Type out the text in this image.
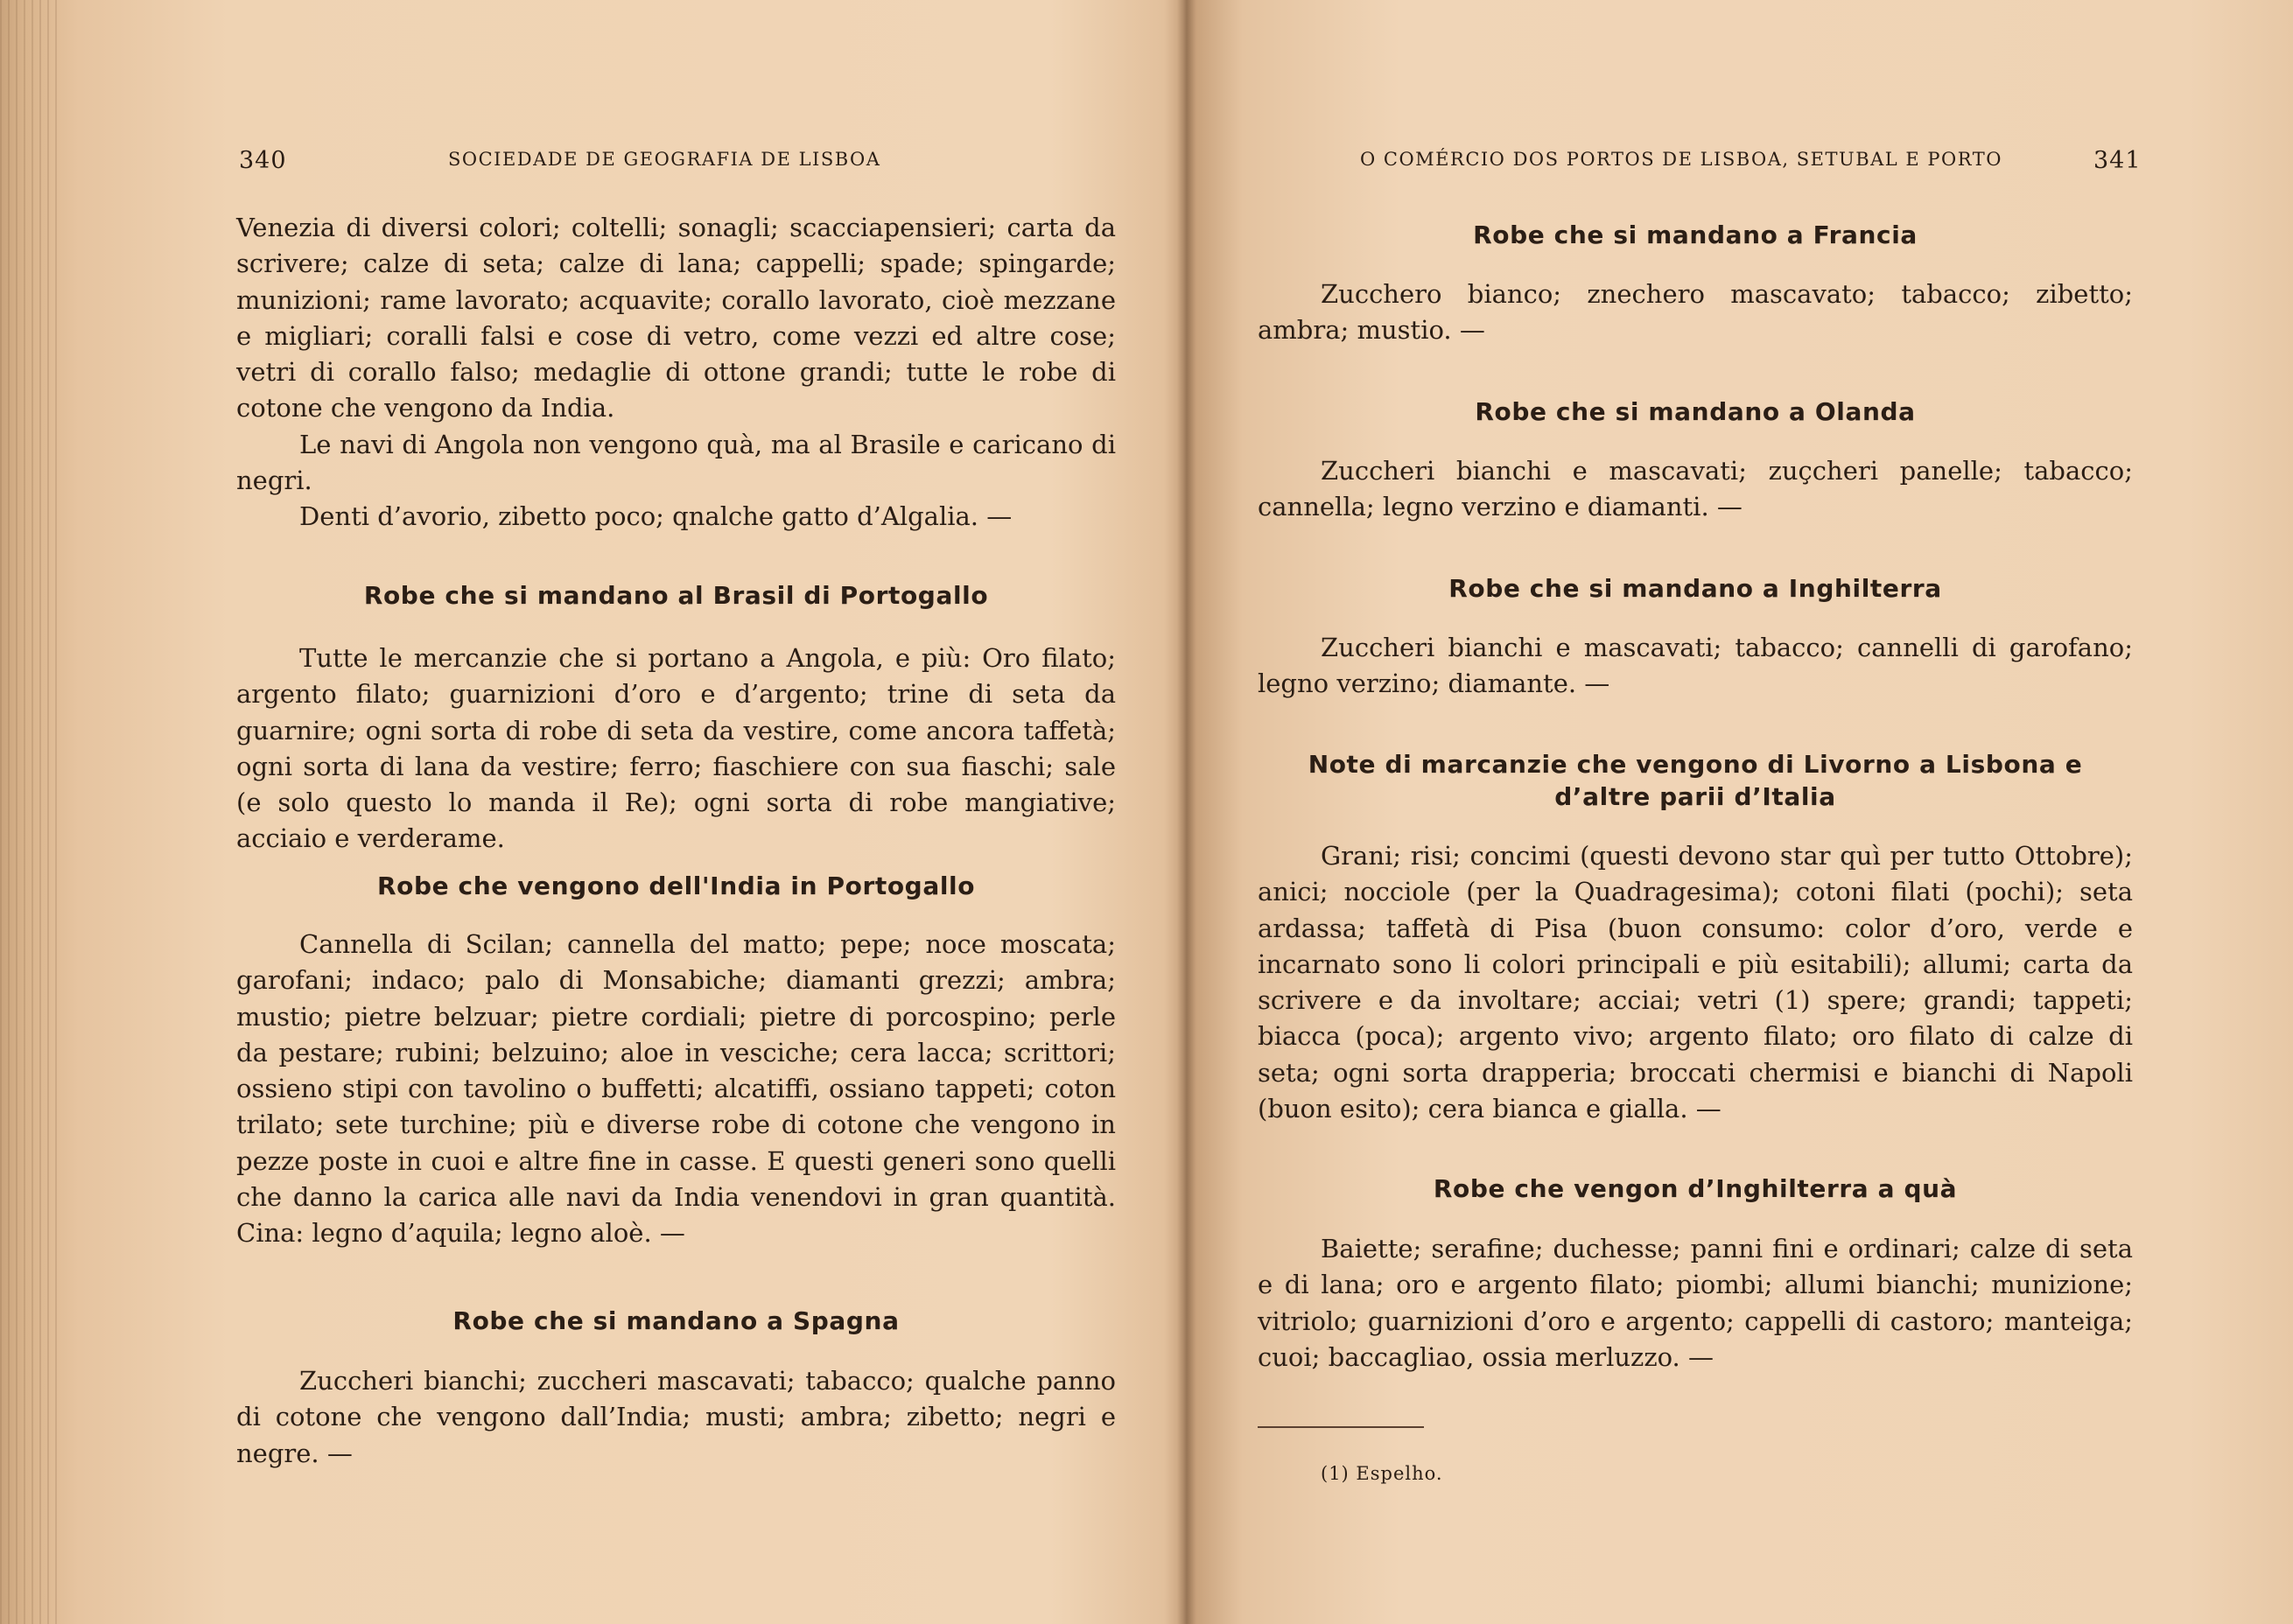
340	SOCIEDADE DE GEOGRAFIA DE LISBOA

Venezia di diversi colori; coltelli; sonagli; scacciapensieri; carta da scrivere; calze di seta; calze di lana; cappelli; spade; spingarde; munizioni; rame lavorato; acquavite; corallo lavorato, cioè mezzane e migliari; coralli falsi e cose di vetro, come vezzi ed altre cose; vetri di corallo falso; medaglie di ottone grandi; tutte le robe di cotone che vengono da India.

Le navi di Angola non vengono quà, ma al Brasile e caricano di negri.

Denti d’avorio, zibetto poco; qnalche gatto d’Algalia. —

Robe che si mandano al Brasil di Portogallo

Tutte le mercanzie che si portano a Angola, e più: Oro filato; argento filato; guarnizioni d’oro e d’argento; trine di seta da guarnire; ogni sorta di robe di seta da vestire, come ancora taffetà; ogni sorta di lana da vestire; ferro; fiaschiere con sua fiaschi; sale (e solo questo lo manda il Re); ogni sorta di robe mangiative; acciaio e verderame.

Robe che vengono dell'India in Portogallo

Cannella di Scilan; cannella del matto; pepe; noce moscata; garofani; indaco; palo di Monsabiche; diamanti grezzi; ambra; mustio; pietre belzuar; pietre cordiali; pietre di porcospino; perle da pestare; rubini; belzuino; aloe in vesciche; cera lacca; scrittori; ossieno stipi con tavolino o buffetti; alcatiffi, ossiano tappeti; coton trilato; sete turchine; più e diverse robe di cotone che vengono in pezze poste in cuoi e altre fine in casse. E questi generi sono quelli che danno la carica alle navi da India venendovi in gran quantità. Cina: legno d’aquila; legno aloè. —

Robe che si mandano a Spagna

Zuccheri bianchi; zuccheri mascavati; tabacco; qualche panno di cotone che vengono dall’India; musti; ambra; zibetto; negri e negre. —

O COMÉRCIO DOS PORTOS DE LISBOA, SETUBAL E PORTO	341
Robe che si mandano a Francia

Zucchero bianco; znechero mascavato; tabacco; zibetto; ambra; mustio. —

Robe che si mandano a Olanda

Zuccheri bianchi e mascavati; zuçcheri panelle; tabacco; cannella; legno verzino e diamanti. —

Robe che si mandano a Inghilterra

Zuccheri bianchi e mascavati; tabacco; cannelli di garofano; legno verzino; diamante. —

Note di marcanzie che vengono di Livorno a Lisbona e d’altre parii d’Italia

Grani; risi; concimi (questi devono star quì per tutto Ottobre); anici; nocciole (per la Quadragesima); cotoni filati (pochi); seta ardassa; taffetà di Pisa (buon consumo: color d’oro, verde e incarnato sono li colori principali e più esitabili); allumi; carta da scrivere e da involtare; acciai; vetri (1) spere; grandi; tappeti; biacca (poca); argento vivo; argento filato; oro filato di calze di seta; ogni sorta drapperia; broccati chermisi e bianchi di Napoli (buon esito); cera bianca e gialla. —

Robe che vengon d’Inghilterra a quà

Baiette; serafine; duchesse; panni fini e ordinari; calze di seta e di lana; oro e argento filato; piombi; allumi bianchi; munizione; vitriolo; guarnizioni d’oro e argento; cappelli di castoro; manteiga; cuoi; baccagliao, ossia merluzzo. —

(1) Espelho.
